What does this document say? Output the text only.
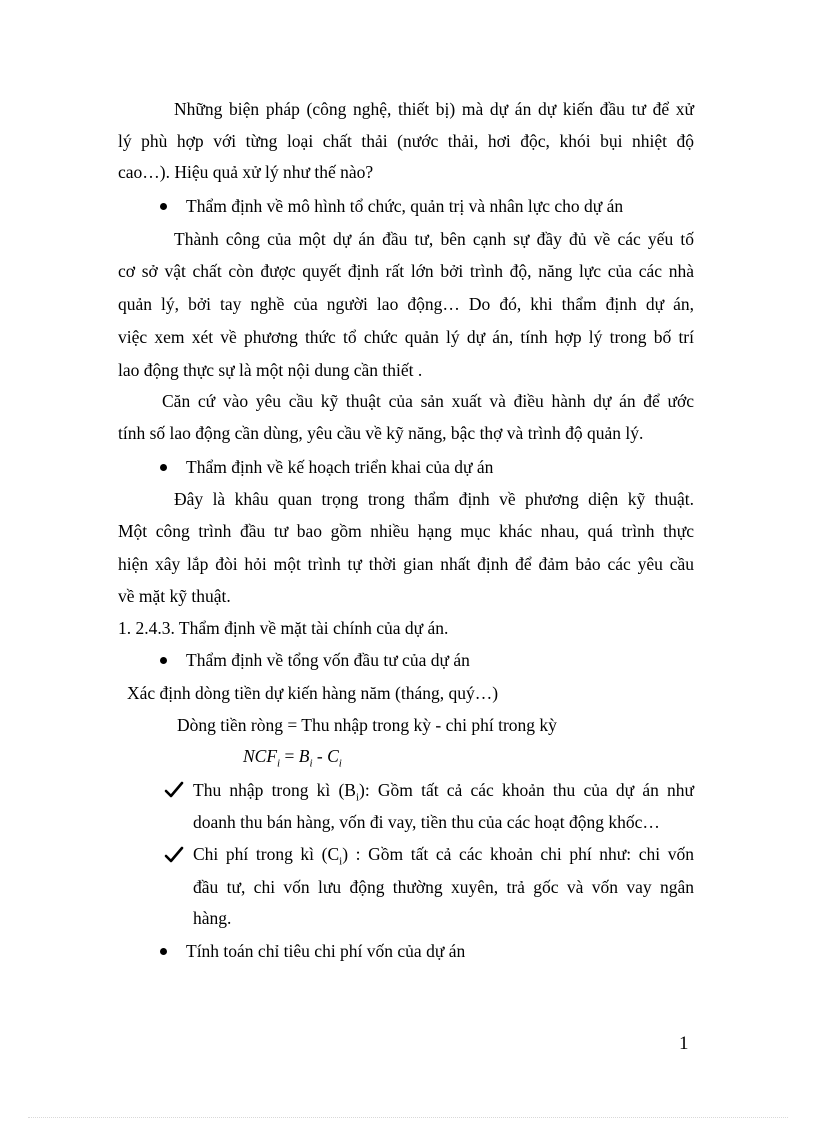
Những biện pháp (công nghệ, thiết bị) mà dự án dự kiến đầu tư để xử
lý phù hợp với từng loại chất thải (nước thải, hơi độc, khói bụi nhiệt độ
cao…). Hiệu quả xử lý như thế nào?
Thẩm định về mô hình tổ chức, quản trị và nhân lực cho dự án
Thành công của một dự án đầu tư, bên cạnh sự đầy đủ về các yếu tố
cơ sở vật chất còn được quyết định rất lớn bởi trình độ, năng lực của các nhà
quản lý, bởi tay nghề của người lao động… Do đó, khi thẩm định dự án,
việc xem xét về phương thức tổ chức quản lý dự án, tính hợp lý trong bố trí
lao động thực sự là một nội dung cần thiết .
Căn cứ vào yêu cầu kỹ thuật của sản xuất và điều hành dự án để ước
tính số lao động cần dùng, yêu cầu về kỹ năng, bậc thợ và trình độ quản lý.
Thẩm định về kế hoạch triển khai của dự án
Đây là khâu quan trọng trong thẩm định về phương diện kỹ thuật.
Một công trình đầu tư bao gồm nhiều hạng mục khác nhau, quá trình thực
hiện xây lắp đòi hỏi một trình tự thời gian nhất định để đảm bảo các yêu cầu
về mặt kỹ thuật.
1. 2.4.3. Thẩm định về mặt tài chính của dự án.
Thẩm định về tổng vốn đầu tư của dự án
Xác định dòng tiền dự kiến hàng năm (tháng, quý…)
Dòng tiền ròng = Thu nhập trong kỳ - chi phí trong kỳ
$NCF_i = B_i - C_i$
Thu nhập trong kì $(B_i)$: Gồm tất cả các khoản thu của dự án như
doanh thu bán hàng, vốn đi vay, tiền thu của các hoạt động khốc…
Chi phí trong kì $(C_i)$ : Gồm tất cả các khoản chi phí như: chi vốn
đầu tư, chi vốn lưu động thường xuyên, trả gốc và vốn vay ngân
hàng.
Tính toán chỉ tiêu chi phí vốn của dự án
1
